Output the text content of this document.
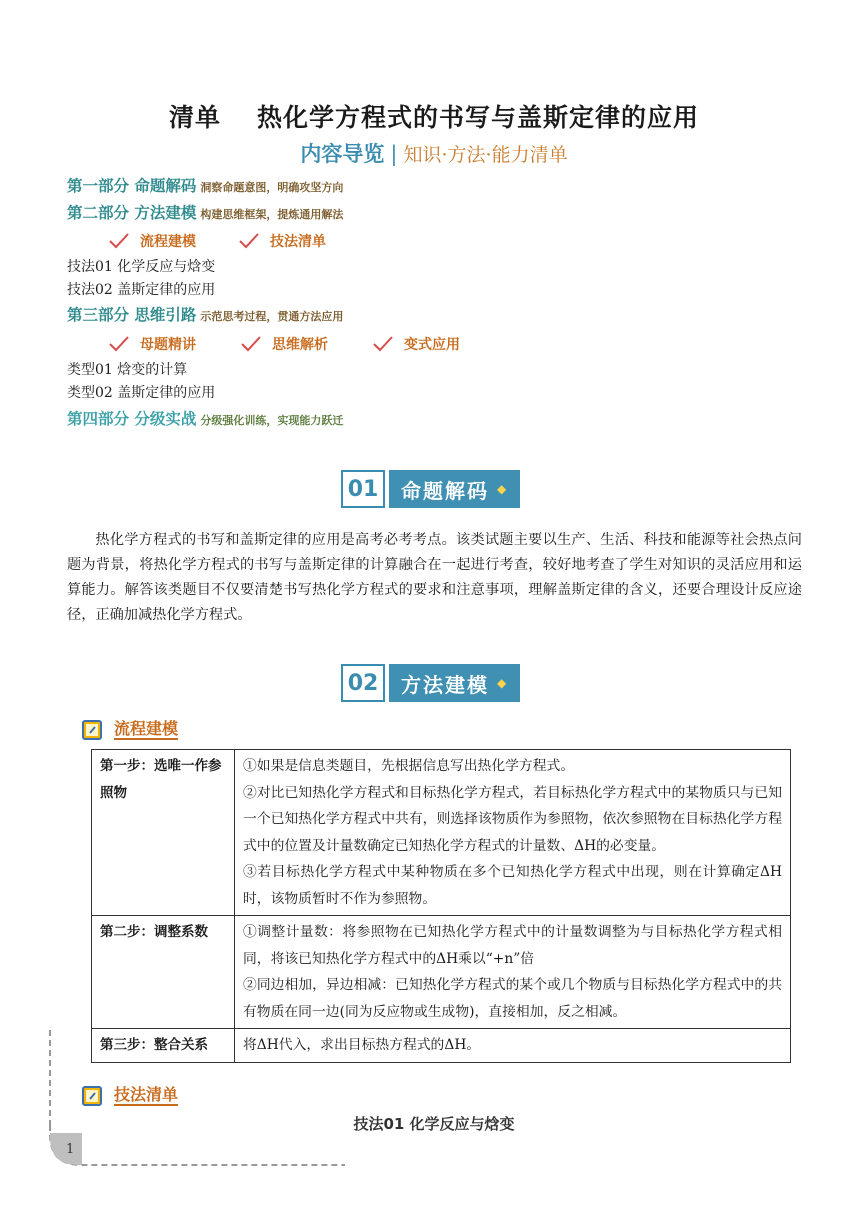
清单 热化学方程式的书写与盖斯定律的应用
内容导览 | 知识·方法·能力清单
第一部分 命题解码 洞察命题意图，明确攻坚方向
第二部分 方法建模 构建思维框架，提炼通用解法
流程建模	技法清单
技法01 化学反应与焓变
技法02 盖斯定律的应用
第三部分 思维引路 示范思考过程，贯通方法应用
母题精讲	思维解析	变式应用
类型01 焓变的计算
类型02 盖斯定律的应用
第四部分 分级实战 分级强化训练，实现能力跃迁
01	命题解码 ◆
热化学方程式的书写和盖斯定律的应用是高考必考考点。该类试题主要以生产、生活、科技和能源等社会热点问题为背景，将热化学方程式的书写与盖斯定律的计算融合在一起进行考查，较好地考查了学生对知识的灵活应用和运算能力。解答该类题目不仅要清楚书写热化学方程式的要求和注意事项，理解盖斯定律的含义，还要合理设计反应途径，正确加减热化学方程式。
02	方法建模 ◆
流程建模
第一步：选唯一作参照物	①如果是信息类题目，先根据信息写出热化学方程式。
②对比已知热化学方程式和目标热化学方程式，若目标热化学方程式中的某物质只与已知一个已知热化学方程式中共有，则选择该物质作为参照物，依次参照物在目标热化学方程式中的位置及计量数确定已知热化学方程式的计量数、ΔH的必变量。
③若目标热化学方程式中某种物质在多个已知热化学方程式中出现，则在计算确定ΔH时，该物质暂时不作为参照物。

第二步：调整系数	①调整计量数：将参照物在已知热化学方程式中的计量数调整为与目标热化学方程式相同，将该已知热化学方程式中的ΔH乘以“+n”倍
②同边相加，异边相减：已知热化学方程式的某个或几个物质与目标热化学方程式中的共有物质在同一边(同为反应物或生成物)，直接相加，反之相减。

第三步：整合关系	将ΔH代入，求出目标热方程式的ΔH。
技法清单
技法01 化学反应与焓变
1
